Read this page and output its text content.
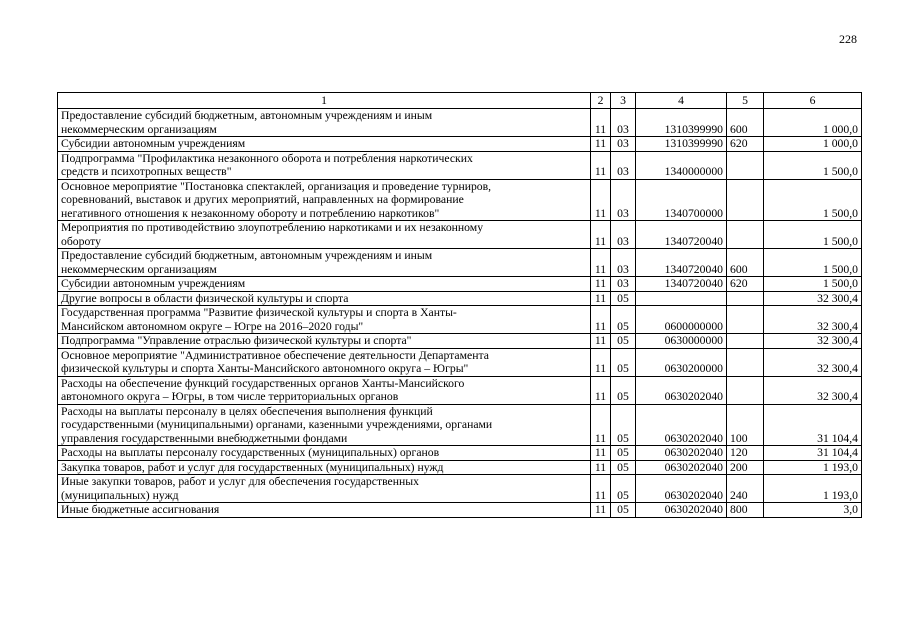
228
1	2	3	4	5	6
Предоставление субсидий бюджетным, автономным учреждениям и иным
некоммерческим организациям	11	03	1310399990	600	1 000,0
Субсидии автономным учреждениям	11	03	1310399990	620	1 000,0
Подпрограмма "Профилактика незаконного оборота и потребления наркотических
средств и психотропных веществ"	11	03	1340000000		1 500,0
Основное мероприятие "Постановка спектаклей, организация и проведение турниров,
соревнований, выставок и других мероприятий, направленных на формирование
негативного отношения к незаконному обороту и потреблению наркотиков"	11	03	1340700000		1 500,0
Мероприятия по противодействию злоупотреблению наркотиками и их незаконному
обороту	11	03	1340720040		1 500,0
Предоставление субсидий бюджетным, автономным учреждениям и иным
некоммерческим организациям	11	03	1340720040	600	1 500,0
Субсидии автономным учреждениям	11	03	1340720040	620	1 500,0
Другие вопросы в области физической культуры и спорта	11	05			32 300,4
Государственная программа "Развитие физической культуры и спорта в Ханты-
Мансийском автономном округе – Югре на 2016–2020 годы"	11	05	0600000000		32 300,4
Подпрограмма "Управление отраслью физической культуры и спорта"	11	05	0630000000		32 300,4
Основное мероприятие "Административное обеспечение деятельности Департамента
физической культуры и спорта Ханты-Мансийского автономного округа – Югры"	11	05	0630200000		32 300,4
Расходы на обеспечение функций государственных органов Ханты-Мансийского
автономного округа – Югры, в том числе территориальных органов	11	05	0630202040		32 300,4
Расходы на выплаты персоналу в целях обеспечения выполнения функций
государственными (муниципальными) органами, казенными учреждениями, органами
управления государственными внебюджетными фондами	11	05	0630202040	100	31 104,4
Расходы на выплаты персоналу государственных (муниципальных) органов	11	05	0630202040	120	31 104,4
Закупка товаров, работ и услуг для государственных (муниципальных) нужд	11	05	0630202040	200	1 193,0
Иные закупки товаров, работ и услуг для обеспечения государственных
(муниципальных) нужд	11	05	0630202040	240	1 193,0
Иные бюджетные ассигнования	11	05	0630202040	800	3,0
